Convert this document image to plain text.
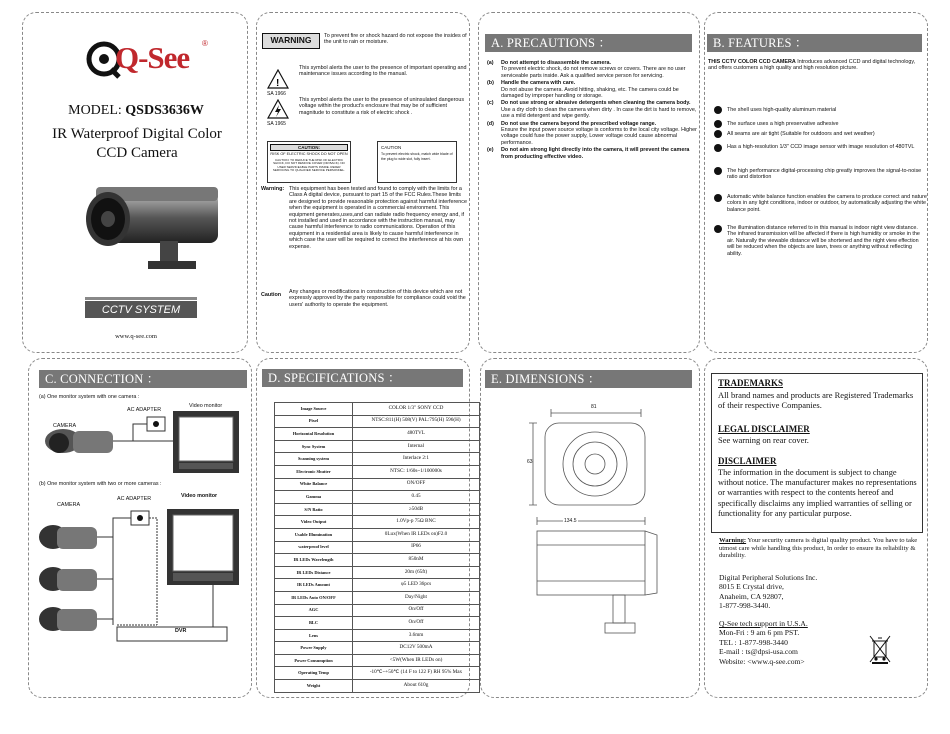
Q-See ®
MODEL: QSDS3636W
IR Waterproof Digital Color CCD Camera
CCTV SYSTEM
www.q-see.com
WARNING	To prevent fire or shock hazard do not expose the insides of the unit to rain or moisture.
!
SA 1966
This symbol alerts the user to the presence of important operating and maintenance issues according to the manual.
SA 1965
This symbol alerts the user to the presence of uninsulated dangerous voltage within the product's enclosure that may be of sufficient magnitude to constitute a risk of electric shock .
CAUTION:
RISK OF ELECTRIC SHOCK DO NOT OPEN
CAUTION: TO REDUCE THE RISK OF ELECTRIC SHOCK, DO NOT REMOVE COVER (OR BACK). NO USER SERVICEABLE PARTS INSIDE. REFER SERVICING TO QUALIFIED SERVICE PERSONNEL.
CAUTION
To prevent electric shock, match wide blade of the plug to wide slot, fully insert.
Warning: This equipment has been tested and found to comply with the limits for a Class A digital device, pursuant to part 15 of the FCC Rules.These limits are designed to provide reasonable protection against harmful interference when the equipment is operated in a commercial environment. This equipment generates,uses,and can radiate radio frequency energy and, if not installed and used in accordance with the instruction manual, may cause harmful interference to radio communications. Operation of this equipment in a residential area is likely to cause harmful interference in which case the user will be required to correct the interference at his own expense.
Caution Any changes or modifications in construction of this device which are not expressly approved by the party responsible for compliance could void the users' authority to operate the equipment.
A. PRECAUTIONS ：
(a) Do not attempt to disassemble the camera.
To prevent electric shock, do not remove screws or covers. There are no user serviceable parts inside. Ask a qualified service person for servicing.
(b) Handle the camera with care.
Do not abuse the camera. Avoid hitting, shaking, etc. The camera could be damaged by improper handling or storage.
(c) Do not use strong or abrasive detergents when cleaning the camera body.
Use a dry cloth to clean the camera when dirty . In case the dirt is hard to remove, use a mild detergent and wipe gently.
(d) Do not use the camera beyond the prescribed voltage range.
Ensure the input power source voltage is conforms to the local city voltage. Higher voltage could fuse the power supply, Lower voltage could cause abnormal performance.
(e) Do not aim strong light directly into the camera, it will prevent the camera from producting effective video.
B. FEATURES ：
THIS CCTV COLOR CCD CAMERA Introduces advanced CCD and digital technology, and offers customers a high quality and high resolution picture.
The shell uses high-quality aluminum material
The surface uses a high preservative adhesive
All seams are air tight (Suitable for outdoors and wet weather)
Has a high-resolution 1/3" CCD image sensor with image resolution of 480TVL
The high performance digital-processing chip greatly improves the signal-to-noise ratio and distortion
Automatic white balance function enables the camera to produce correct and nature colors in any light conditions, indoor or outdoor, by automatically adjusting the white balance point.
The illumination distance referred to in this manual is indoor night view distance. The infrared transmission will be affected if there is high humidity or smoke in the air. Naturally the viewable distance will be shortened and the night view effection will be reduced when the objects are lawn, trees or anything without reflecting ability.
C. CONNECTION ：
(a) One monitor system with one camera :
Video monitor
AC ADAPTER
CAMERA
(b) One monitor system with two or more cameras :
AC ADAPTER	Video monitor
CAMERA
DVR
D. SPECIFICATIONS ：
Image Source	COLOR 1/3" SONY CCD
Pixel	NTSC:811(H) 508(V) PAL:795(H) 596(H)
Horizontal Resolution	480TVL
Sync System	Internal
Scanning system	Interlace 2:1
Electronic Shutter	NTSC: 1/60s~1/100000s
White Balance	ON/OFF
Gamma	0.45
S/N Ratio	≥50dB
Video Output	1.0Vp-p 75Ω BNC
Usable Illumination	0Lux(When IR LEDs on)F2.0
waterproof level	IP66
IR LEDs Wavelength	850nM
IR LEDs Distance	20m (65ft)
IR LEDs Amount	φ5 LED 36pcs
IR LEDs Auto ON/OFF	Day/Night
AGC	On/Off
BLC	On/Off
Lens	3.6mm
Power Supply	DC12V 500mA
Power Consumption	<5W(When IR LEDs on)
Operating Temp	-10℃~+50℃ (14 F to 122 F) RH 95% Max
Weight	About 610g
E. DIMENSIONS ：
81
63
134.5
TRADEMARKS
All brand names and products are Registered Trademarks of their respective Companies.
LEGAL DISCLAIMER
See warning on rear cover.
DISCLAIMER
The information in the document is subject to change without notice. The manufacturer makes no representations or warranties with respect to the contents hereof and specifically disclaims any implied warranties of selling or functionality for any particular purpose.
Warning: Your security camera is digital quality product. You have to take utmost care while handling this product, In order to ensure its reliability & durability.
Digital Peripheral Solutions Inc.
8015 E Crystal drive,
Anaheim, CA 92807,
1-877-998-3440.
Q-See tech support in U.S.A.
Mon-Fri : 9 am 6 pm PST.
TEL : 1-877-998-3440
E-mail : ts@dpsi-usa.com
Website: <www.q-see.com>
